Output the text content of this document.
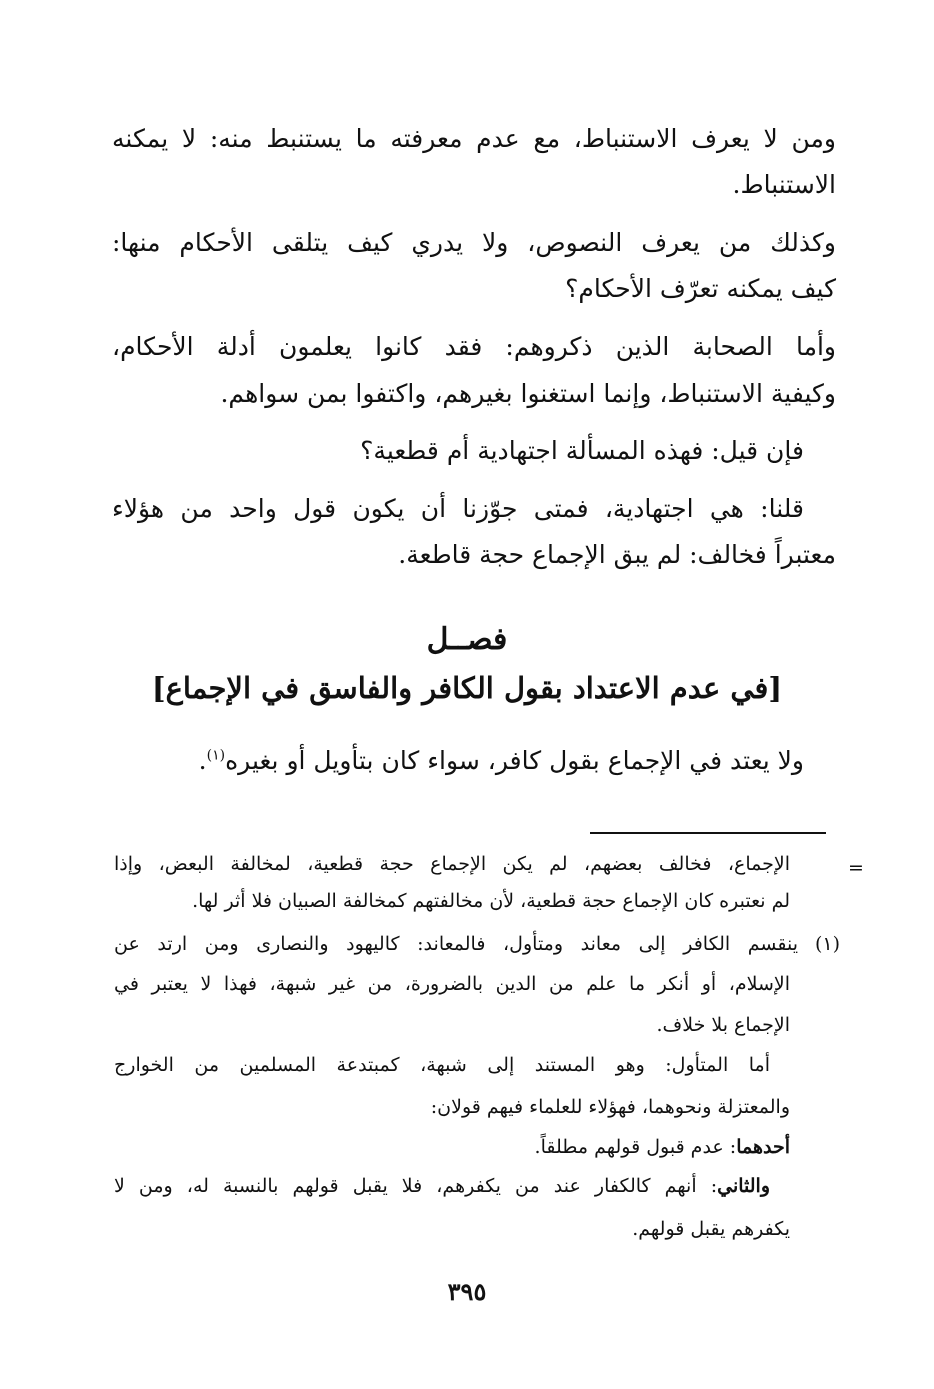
ومن لا يعرف الاستنباط، مع عدم معرفته ما يستنبط منه: لا يمكنه
الاستنباط.
وكذلك من يعرف النصوص، ولا يدري كيف يتلقى الأحكام منها:
كيف يمكنه تعرّف الأحكام؟
وأما الصحابة الذين ذكروهم: فقد كانوا يعلمون أدلة الأحكام،
وكيفية الاستنباط، وإنما استغنوا بغيرهم، واكتفوا بمن سواهم.
فإن قيل: فهذه المسألة اجتهادية أم قطعية؟
قلنا: هي اجتهادية، فمتى جوّزنا أن يكون قول واحد من هؤلاء
معتبراً فخالف: لم يبق الإجماع حجة قاطعة.
فصــل
[في عدم الاعتداد بقول الكافر والفاسق في الإجماع]
ولا يعتد في الإجماع بقول كافر، سواء كان بتأويل أو بغيره$^{(١)}$.
=
الإجماع، فخالف بعضهم، لم يكن الإجماع حجة قطعية، لمخالفة البعض، وإذا
لم نعتبره كان الإجماع حجة قطعية، لأن مخالفتهم كمخالفة الصبيان فلا أثر لها.
(١)
ينقسم الكافر إلى معاند ومتأول، فالمعاند: كاليهود والنصارى ومن ارتد عن
الإسلام، أو أنكر ما علم من الدين بالضرورة، من غير شبهة، فهذا لا يعتبر في
الإجماع بلا خلاف.
أما المتأول: وهو المستند إلى شبهة، كمبتدعة المسلمين من الخوارج
والمعتزلة ونحوهما، فهؤلاء للعلماء فيهم قولان:
أحدهما: عدم قبول قولهم مطلقاً.
والثاني: أنهم كالكفار عند من يكفرهم، فلا يقبل قولهم بالنسبة له، ومن لا
يكفرهم يقبل قولهم.
٣٩٥
